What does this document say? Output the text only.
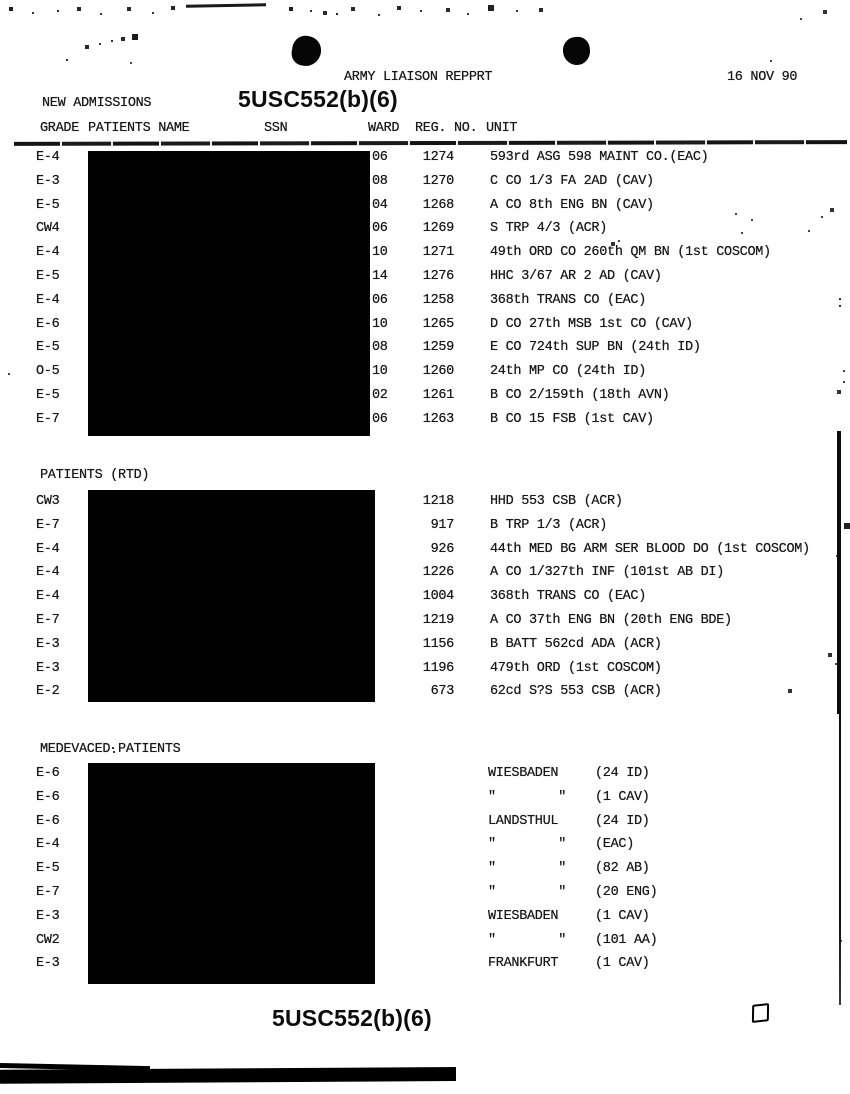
ARMY LIAISON REPPRT	16 NOV 90
5USC552(b)(6)
NEW ADMISSIONS
GRADE PATIENTS NAME	SSN	WARD REG. NO. UNIT
E-4	06	1274	593rd ASG 598 MAINT CO.(EAC)
E-3	08	1270	C CO 1/3 FA 2AD (CAV)
E-5	04	1268	A CO 8th ENG BN (CAV)
CW4	06	1269	S TRP 4/3 (ACR)
E-4	10	1271	49th ORD CO 260th QM BN (1st COSCOM)
E-5	14	1276	HHC 3/67 AR 2 AD (CAV)
E-4	06	1258	368th TRANS CO (EAC)
E-6	10	1265	D CO 27th MSB 1st CO (CAV)
E-5	08	1259	E CO 724th SUP BN (24th ID)
O-5	10	1260	24th MP CO (24th ID)
E-5	02	1261	B CO 2/159th (18th AVN)
E-7	06	1263	B CO 15 FSB (1st CAV)
PATIENTS (RTD)
CW3	1218	HHD 553 CSB (ACR)
E-7	917	B TRP 1/3 (ACR)
E-4	926	44th MED BG ARM SER BLOOD DO (1st COSCOM)
E-4	1226	A CO 1/327th INF (101st AB DI)
E-4	1004	368th TRANS CO (EAC)
E-7	1219	A CO 37th ENG BN (20th ENG BDE)
E-3	1156	B BATT 562cd ADA (ACR)
E-3	1196	479th ORD (1st COSCOM)
E-2	673	62cd S?S 553 CSB (ACR)
MEDEVACED PATIENTS
E-6	WIESBADEN	(24 ID)
E-6	"        " (1 CAV)
E-6	LANDSTHUL	(24 ID)
E-4	"        " (EAC)
E-5	"        " (82 AB)
E-7	"        " (20 ENG)
E-3	WIESBADEN	(1 CAV)
CW2	"        " (101 AA)
E-3	FRANKFURT	(1 CAV)
5USC552(b)(6)
